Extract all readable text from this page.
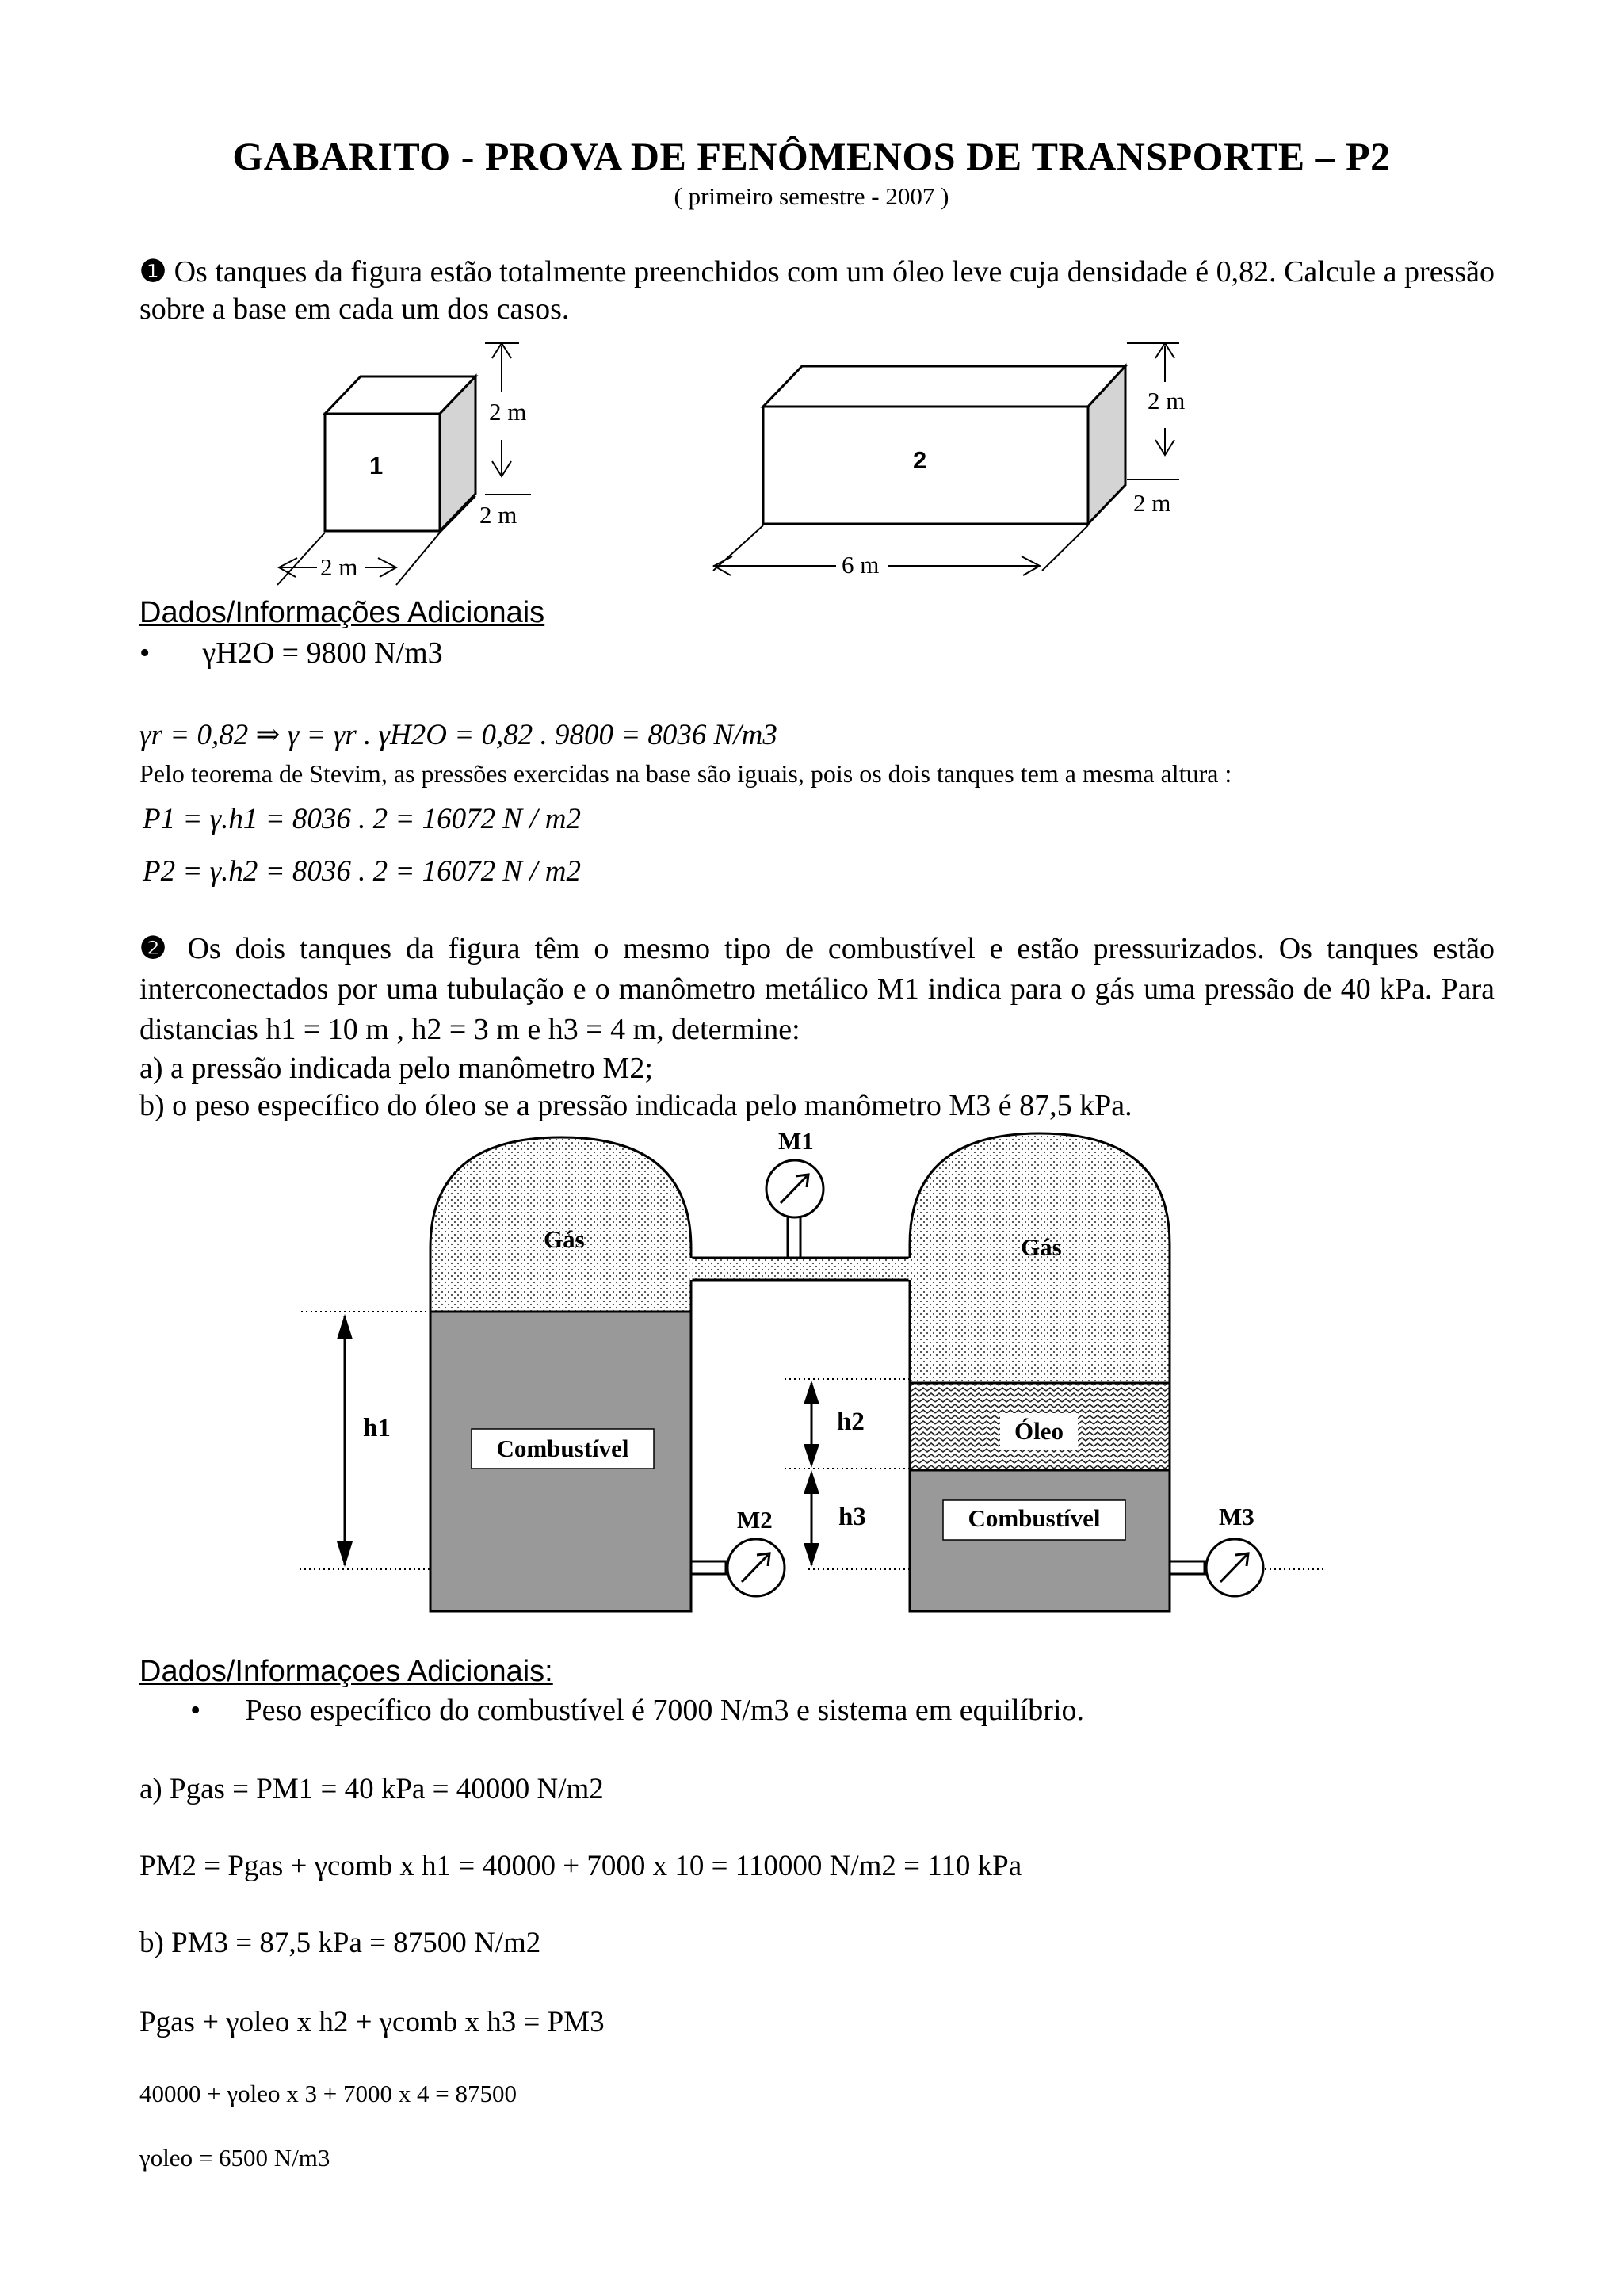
GABARITO - PROVA DE FENÔMENOS DE TRANSPORTE – P2
( primeiro semestre - 2007 )
❶ Os tanques da figura estão totalmente preenchidos com um óleo leve cuja densidade é 0,82. Calcule a pressão sobre a base em cada um dos casos.
1
2 m
2 m
2 m
2
2 m
2 m
6 m
Dados/Informações Adicionais
• γH2O = 9800 N/m3
γr = 0,82 ⇒ γ = γr . γH2O = 0,82 . 9800 = 8036 N/m3
Pelo teorema de Stevim, as pressões exercidas na base são iguais, pois os dois tanques tem a mesma altura :
P1 = γ.h1 = 8036 . 2 = 16072 N / m2
P2 = γ.h2 = 8036 . 2 = 16072 N / m2
❷ Os dois tanques da figura têm o mesmo tipo de combustível e estão pressurizados. Os tanques estão interconectados por uma tubulação e o manômetro metálico M1 indica para o gás uma pressão de 40 kPa. Para distancias h1 = 10 m , h2 = 3 m e h3 = 4 m, determine:
a) a pressão indicada pelo manômetro M2;
b) o peso específico do óleo se a pressão indicada pelo manômetro M3 é 87,5 kPa.
M1
M2	M3
Gás	Gás
Combustível
Combustível
Óleo
h1	h2
h3
Dados/Informaçoes Adicionais:
• Peso específico do combustível é 7000 N/m3 e sistema em equilíbrio.
a) Pgas = PM1 = 40 kPa = 40000 N/m2
PM2 = Pgas + γcomb x h1 = 40000 + 7000 x 10 = 110000 N/m2 = 110 kPa
b) PM3 = 87,5 kPa = 87500 N/m2
Pgas + γoleo x h2 + γcomb x h3 = PM3
40000 + γoleo x 3 + 7000 x 4 = 87500
γoleo = 6500 N/m3
